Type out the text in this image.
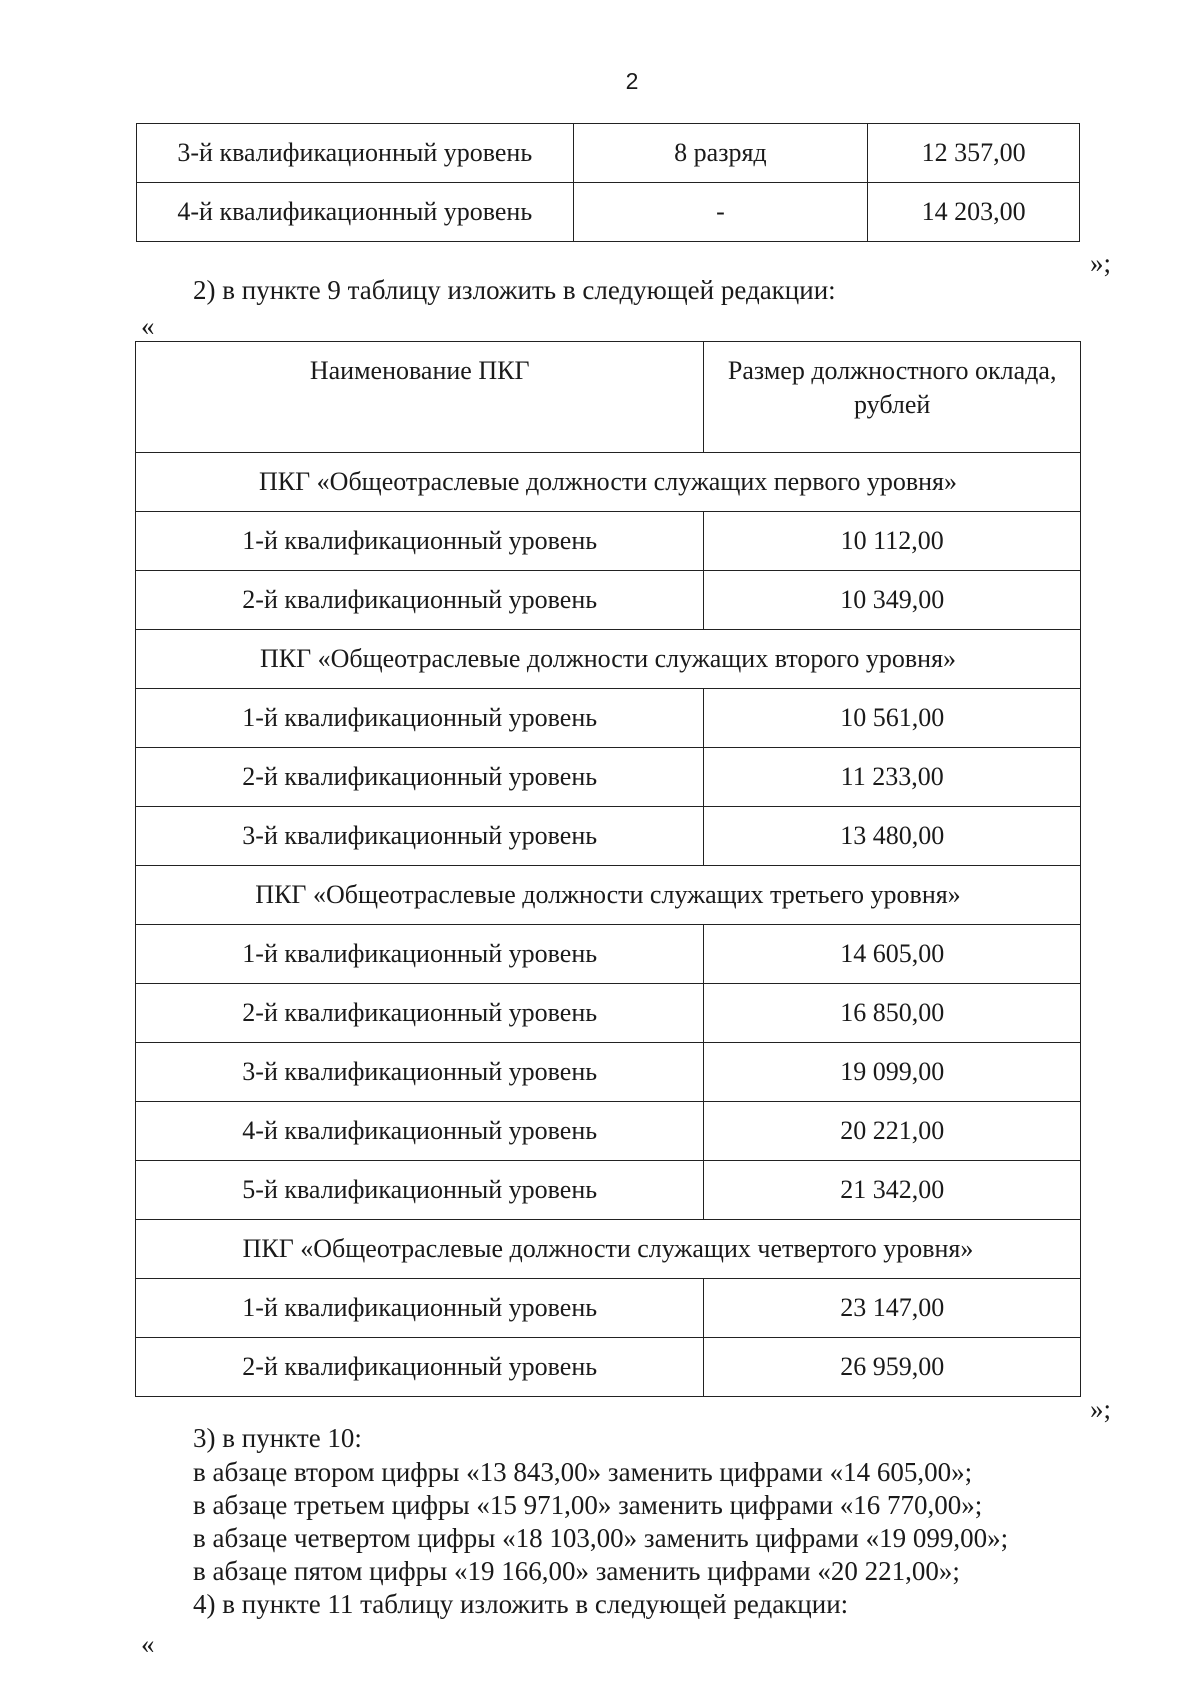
2
3-й квалификационный уровень	8 разряд	12 357,00
4-й квалификационный уровень	-	14 203,00
»;
2) в пункте 9 таблицу изложить в следующей редакции:
«
Наименование ПКГ	Размер должностного оклада, рублей
ПКГ «Общеотраслевые должности служащих первого уровня»	
1-й квалификационный уровень	10 112,00
2-й квалификационный уровень	10 349,00
ПКГ «Общеотраслевые должности служащих второго уровня»	
1-й квалификационный уровень	10 561,00
2-й квалификационный уровень	11 233,00
3-й квалификационный уровень	13 480,00
ПКГ «Общеотраслевые должности служащих третьего уровня»	
1-й квалификационный уровень	14 605,00
2-й квалификационный уровень	16 850,00
3-й квалификационный уровень	19 099,00
4-й квалификационный уровень	20 221,00
5-й квалификационный уровень	21 342,00
ПКГ «Общеотраслевые должности служащих четвертого уровня»	
1-й квалификационный уровень	23 147,00
2-й квалификационный уровень	26 959,00
»;
3) в пункте 10:
в абзаце втором цифры «13 843,00» заменить цифрами «14 605,00»;
в абзаце третьем цифры «15 971,00» заменить цифрами «16 770,00»;
в абзаце четвертом цифры «18 103,00» заменить цифрами «19 099,00»;
в абзаце пятом цифры «19 166,00» заменить цифрами «20 221,00»;
4) в пункте 11 таблицу изложить в следующей редакции:
«
